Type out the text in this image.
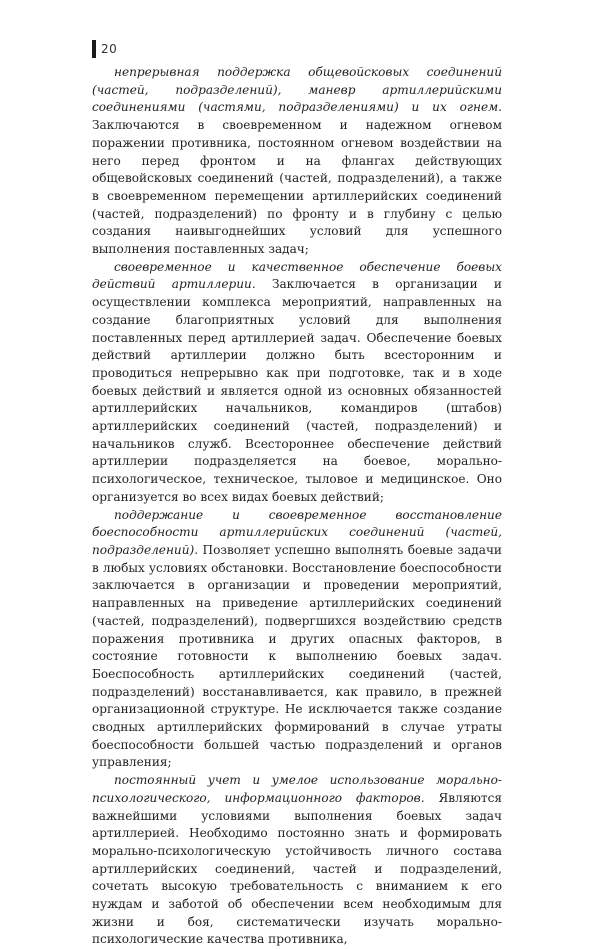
20

непрерывная поддержка общевойсковых соединений (частей, подразделений), маневр артиллерийскими соединениями (частями, подразделениями) и их огнем. Заключаются в своевременном и надежном огневом поражении противника, постоянном огневом воздействии на него перед фронтом и на флангах действующих общевойсковых соединений (частей, подразделений), а также в своевременном перемещении артиллерийских соединений (частей, подразделений) по фронту и в глубину с целью создания наивыгоднейших условий для успешного выполнения поставленных задач;

своевременное и качественное обеспечение боевых действий артиллерии. Заключается в организации и осуществлении комплекса мероприятий, направленных на создание благоприятных условий для выполнения поставленных перед артиллерией задач. Обеспечение боевых действий артиллерии должно быть всесторонним и проводиться непрерывно как при подготовке, так и в ходе боевых действий и является одной из основных обязанностей артиллерийских начальников, командиров (штабов) артиллерийских соединений (частей, подразделений) и начальников служб. Всестороннее обеспечение действий артиллерии подразделяется на боевое, морально-психологическое, техническое, тыловое и медицинское. Оно организуется во всех видах боевых действий;

поддержание и своевременное восстановление боеспособности артиллерийских соединений (частей, подразделений). Позволяет успешно выполнять боевые задачи в любых условиях обстановки. Восстановление боеспособности заключается в организации и проведении мероприятий, направленных на приведение артиллерийских соединений (частей, подразделений), подвергшихся воздействию средств поражения противника и других опасных факторов, в состояние готовности к выполнению боевых задач. Боеспособность артиллерийских соединений (частей, подразделений) восстанавливается, как правило, в прежней организационной структуре. Не исключается также создание сводных артиллерийских формирований в случае утраты боеспособности большей частью подразделений и органов управления;

постоянный учет и умелое использование морально-психологического, информационного факторов. Являются важнейшими условиями выполнения боевых задач артиллерией. Необходимо постоянно знать и формировать морально-психологическую устойчивость личного состава артиллерийских соединений, частей и подразделений, сочетать высокую требовательность с вниманием к его нуждам и заботой об обеспечении всем необходимым для жизни и боя, систематически изучать морально-психологические качества противника,
